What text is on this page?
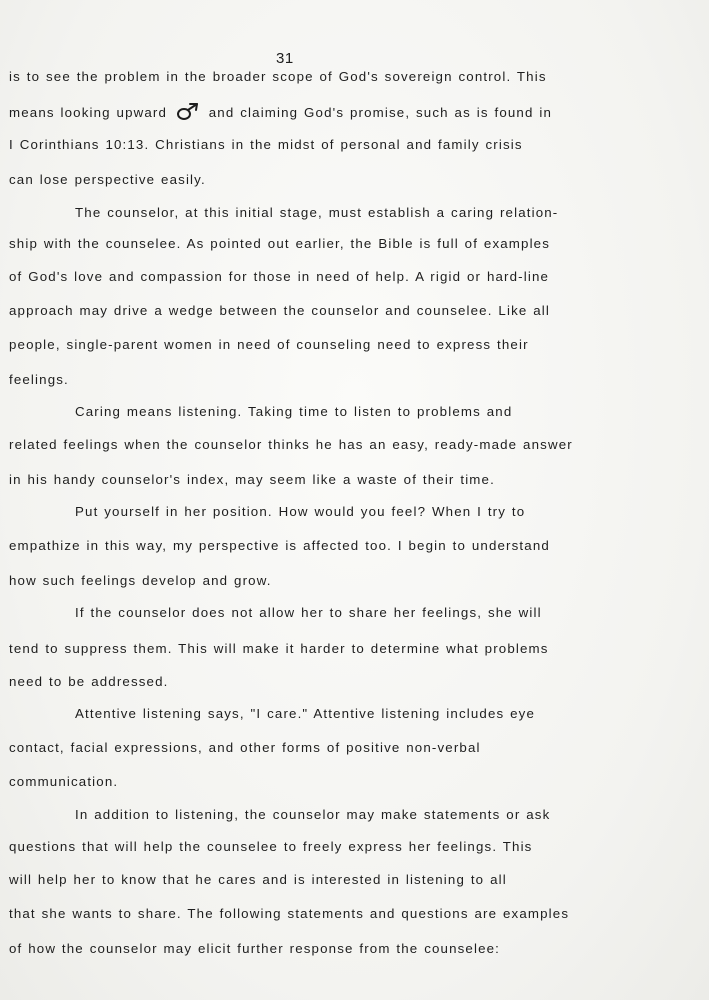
31
is to see the problem in the broader scope of God's sovereign control. This
means looking upward	and claiming God's promise, such as is found in
I Corinthians 10:13. Christians in the midst of personal and family crisis
can lose perspective easily.
The counselor, at this initial stage, must establish a caring relation-
ship with the counselee. As pointed out earlier, the Bible is full of examples
of God's love and compassion for those in need of help. A rigid or hard-line
approach may drive a wedge between the counselor and counselee. Like all
people, single-parent women in need of counseling need to express their
feelings.
Caring means listening. Taking time to listen to problems and
related feelings when the counselor thinks he has an easy, ready-made answer
in his handy counselor's index, may seem like a waste of their time.
Put yourself in her position. How would you feel? When I try to
empathize in this way, my perspective is affected too. I begin to understand
how such feelings develop and grow.
If the counselor does not allow her to share her feelings, she will
tend to suppress them. This will make it harder to determine what problems
need to be addressed.
Attentive listening says, "I care." Attentive listening includes eye
contact, facial expressions, and other forms of positive non-verbal
communication.
In addition to listening, the counselor may make statements or ask
questions that will help the counselee to freely express her feelings. This
will help her to know that he cares and is interested in listening to all
that she wants to share. The following statements and questions are examples
of how the counselor may elicit further response from the counselee:
